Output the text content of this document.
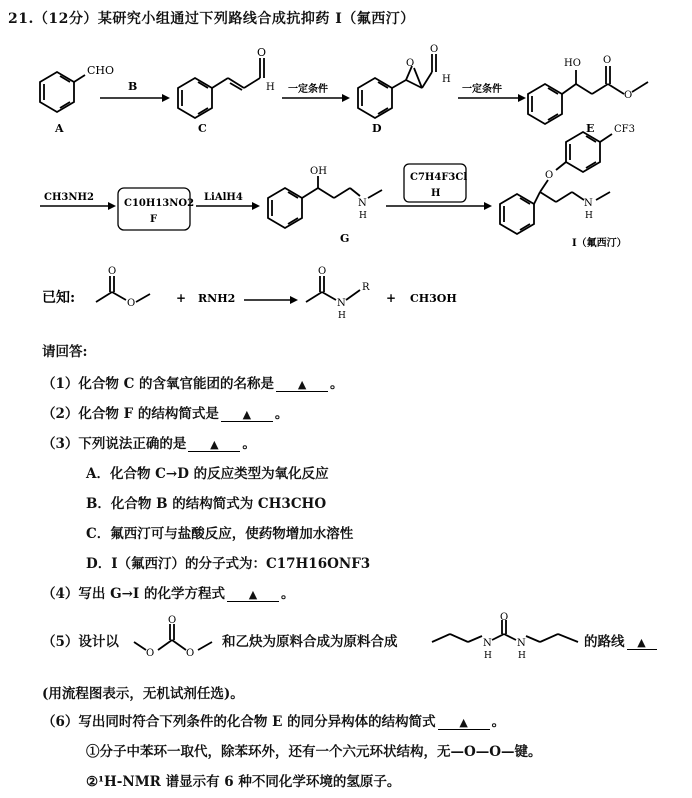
21.（12分）某研究小组通过下列路线合成抗抑药 I（氟西汀）
CHO
A
B
O
H
C
一定条件
O
O
H
D
一定条件
HO O
O
E
CH3NH2
C10H13NO2
F
LiAlH4
OH
N
H
G
C7H4F3Cl
H
CF3
O
N
H
I（氟西汀）
已知:
O
O	+ RNH2
O
N
H
R
+ CH3OH
请回答:
（1）化合物 C 的含氧官能团的名称是 ▲ 。
（2）化合物 F 的结构简式是 ▲ 。
（3）下列说法正确的是 ▲ 。
A．化合物 C→D 的反应类型为氧化反应
B．化合物 B 的结构简式为 CH3CHO
C．氟西汀可与盐酸反应，使药物增加水溶性
D．I（氟西汀）的分子式为：C17H16ONF3
（4）写出 G→I 的化学方程式 ▲ 。
（5）设计以
O
O
O
和乙炔为原料合成为原料合成	N
H
O
N
H
的路线 ▲
(用流程图表示，无机试剂任选)。
（6）写出同时符合下列条件的化合物 E 的同分异构体的结构简式 ▲ 。
①分子中苯环一取代，除苯环外，还有一个六元环状结构，无—O—O—键。
②¹H-NMR 谱显示有 6 种不同化学环境的氢原子。
